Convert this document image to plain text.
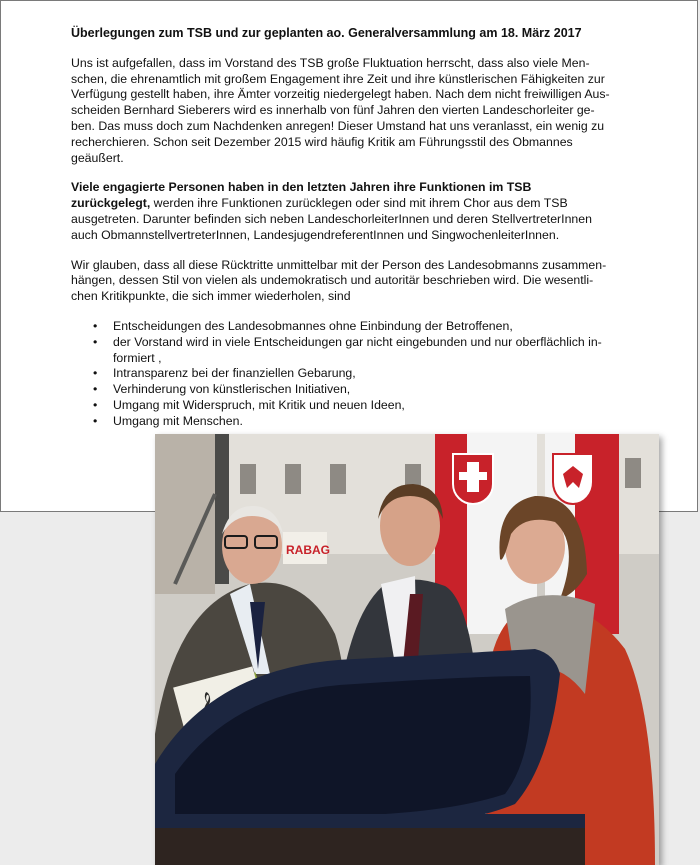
Überlegungen zum TSB und zur geplanten ao. Generalversammlung am 18. März 2017
Uns ist aufgefallen, dass im Vorstand des TSB große Fluktuation herrscht, dass also viele Men-
schen, die ehrenamtlich mit großem Engagement ihre Zeit und ihre künstlerischen Fähigkeiten zur
Verfügung gestellt haben, ihre Ämter vorzeitig niedergelegt haben. Nach dem nicht freiwilligen Aus-
scheiden Bernhard Sieberers wird es innerhalb von fünf Jahren den vierten Landeschorleiter ge-
ben. Das muss doch zum Nachdenken anregen! Dieser Umstand hat uns veranlasst, ein wenig zu
recherchieren. Schon seit Dezember 2015 wird häufig Kritik am Führungsstil des Obmannes
geäußert.
Viele engagierte Personen haben in den letzten Jahren ihre Funktionen im TSB
zurückgelegt, werden ihre Funktionen zurücklegen oder sind mit ihrem Chor aus dem TSB
ausgetreten. Darunter befinden sich neben LandeschorleiterInnen und deren StellvertreterInnen
auch ObmannstellvertreterInnen, LandesjugendreferentInnen und SingwochenleiterInnen.
Wir glauben, dass all diese Rücktritte unmittelbar mit der Person des Landesobmanns zusammen-
hängen, dessen Stil von vielen als undemokratisch und autoritär beschrieben wird. Die wesentli-
chen Kritikpunkte, die sich immer wiederholen, sind
• Entscheidungen des Landesobmannes ohne Einbindung der Betroffenen,
• der Vorstand wird in viele Entscheidungen gar nicht eingebunden und nur oberflächlich in-
formiert ,
• Intransparenz bei der finanziellen Gebarung,
• Verhinderung von künstlerischen Initiativen,
• Umgang mit Widerspruch, mit Kritik und neuen Ideen,
• Umgang mit Menschen.
RABAG
